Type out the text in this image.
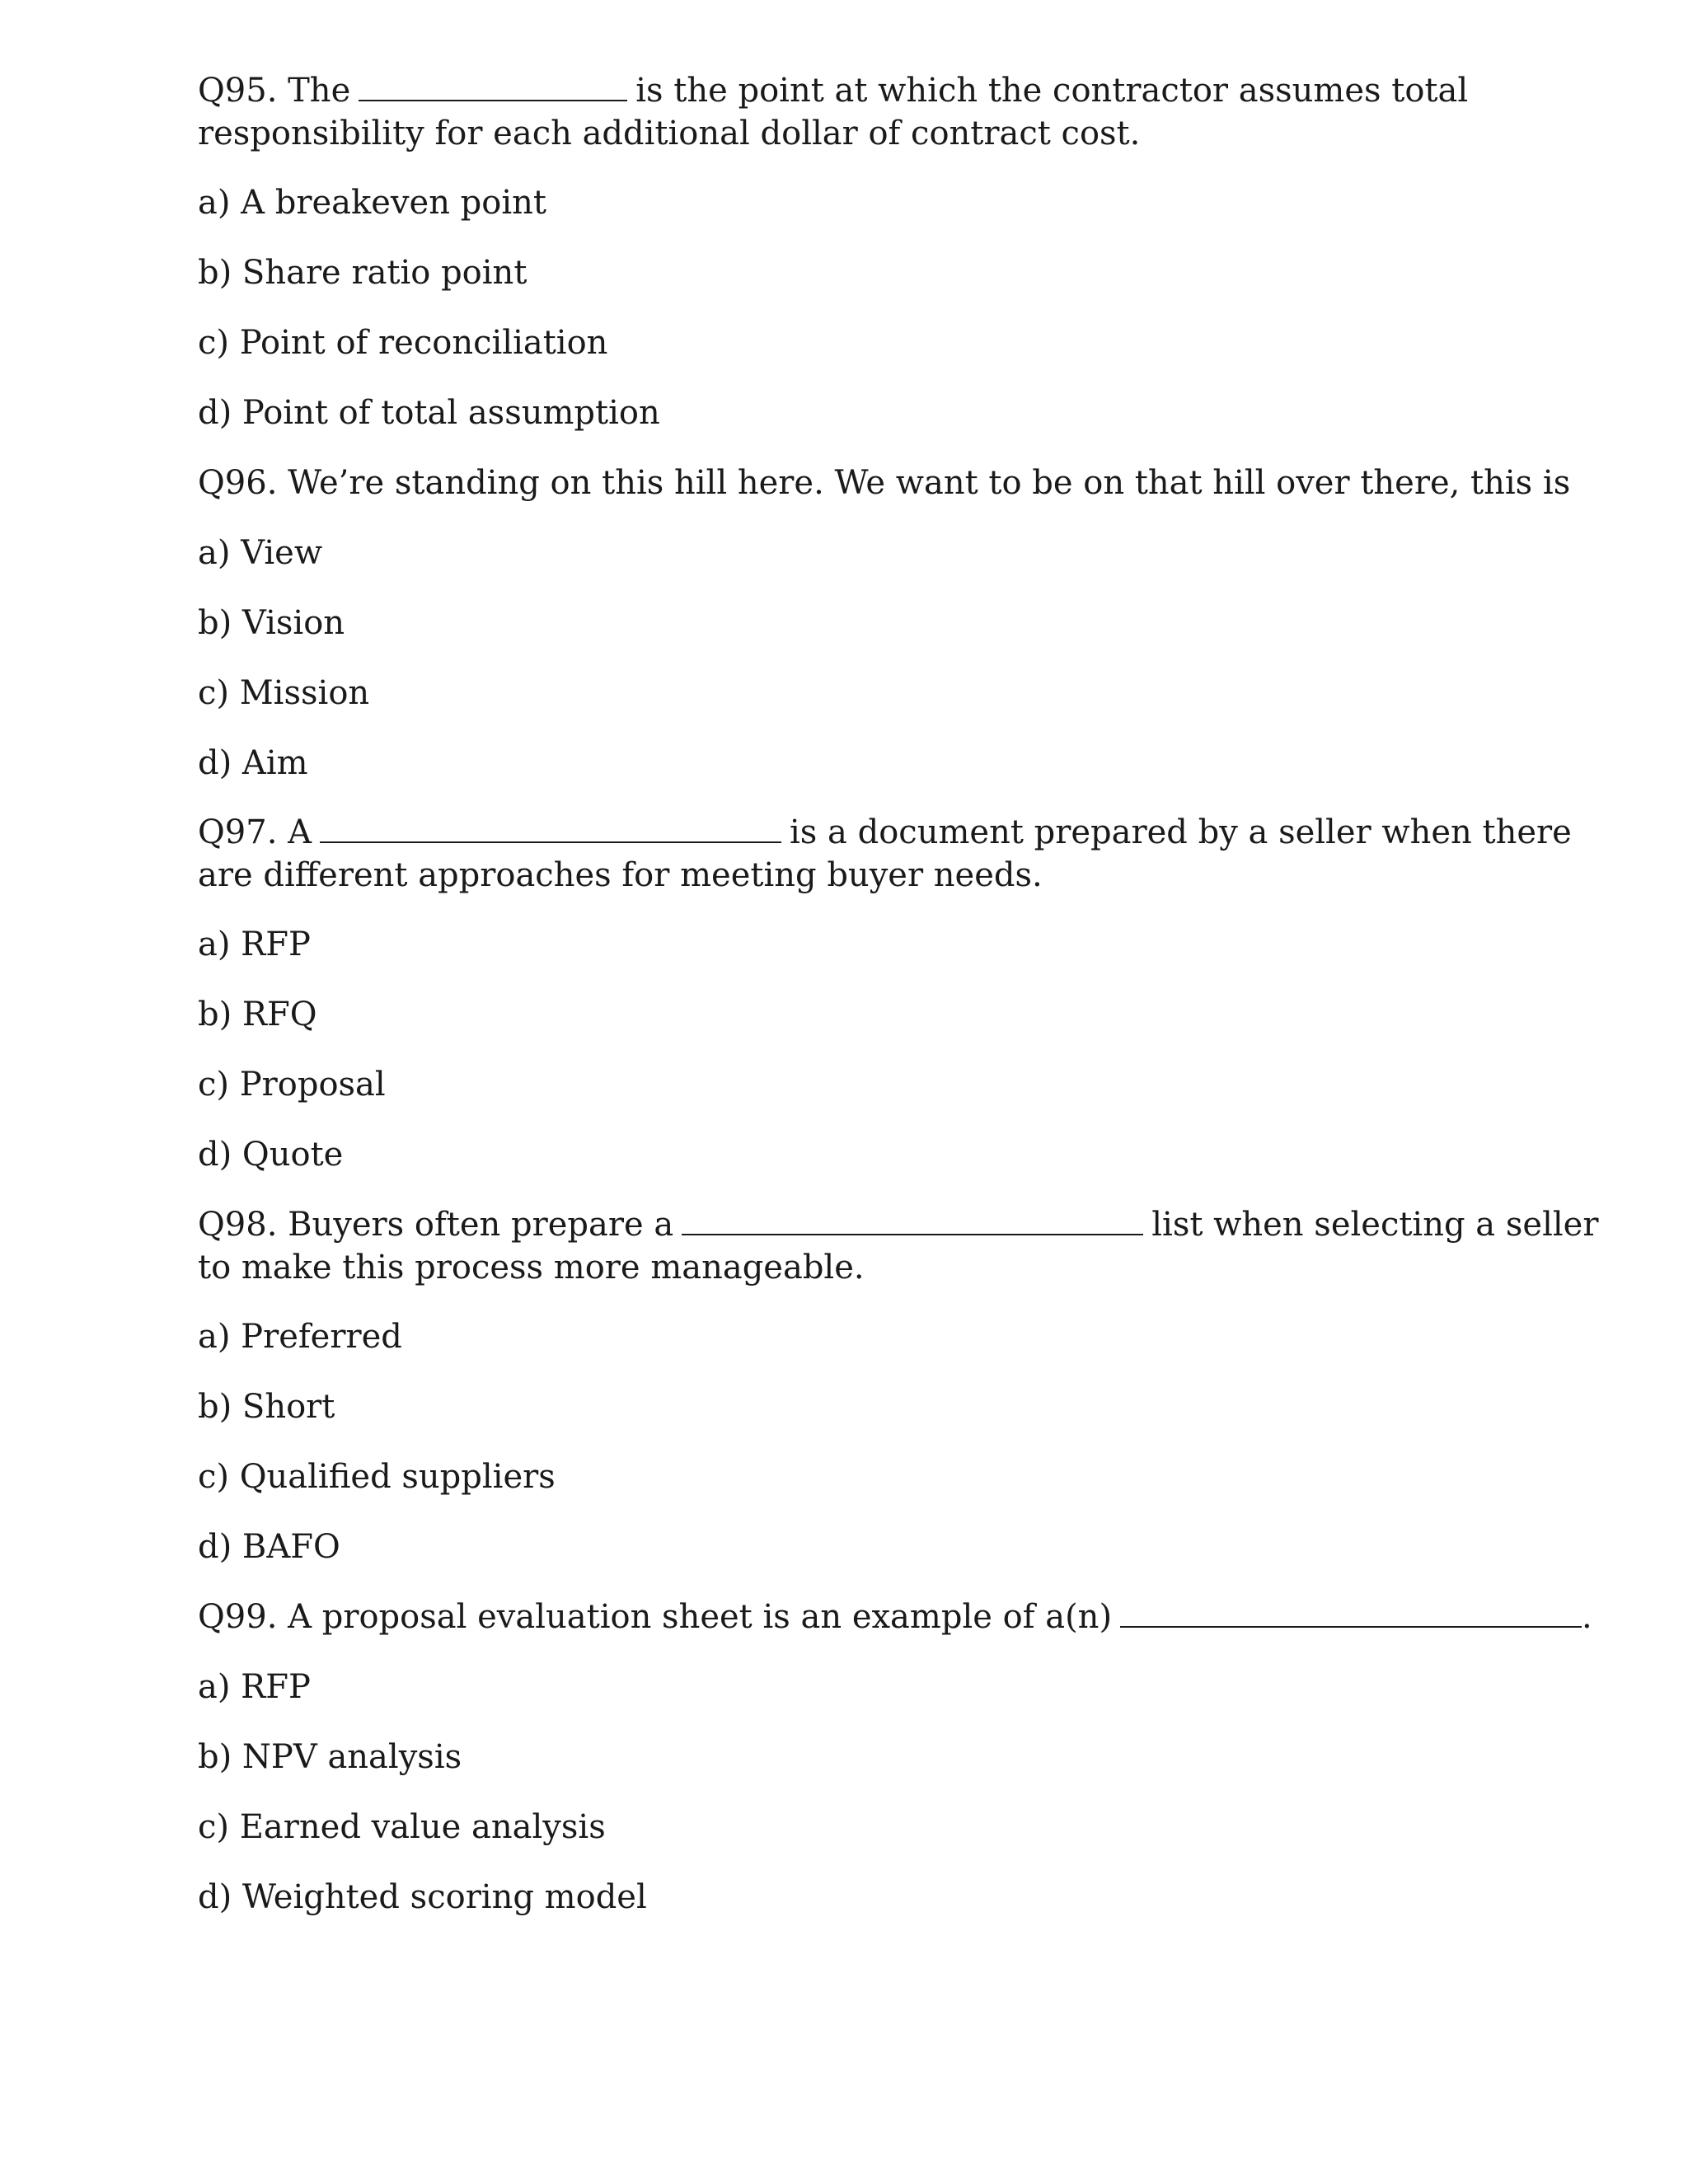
Q95. The	is the point at which the contractor assumes total

responsibility for each additional dollar of contract cost.

a) A breakeven point

b) Share ratio point

c) Point of reconciliation

d) Point of total assumption

Q96. We’re standing on this hill here. We want to be on that hill over there, this is

a) View

b) Vision

c) Mission

d) Aim

Q97. A	is a document prepared by a seller when there

are different approaches for meeting buyer needs.

a) RFP

b) RFQ

c) Proposal

d) Quote

Q98. Buyers often prepare a	list when selecting a seller

to make this process more manageable.

a) Preferred

b) Short

c) Qualified suppliers

d) BAFO

Q99. A proposal evaluation sheet is an example of a(n)	.

a) RFP

b) NPV analysis

c) Earned value analysis

d) Weighted scoring model
